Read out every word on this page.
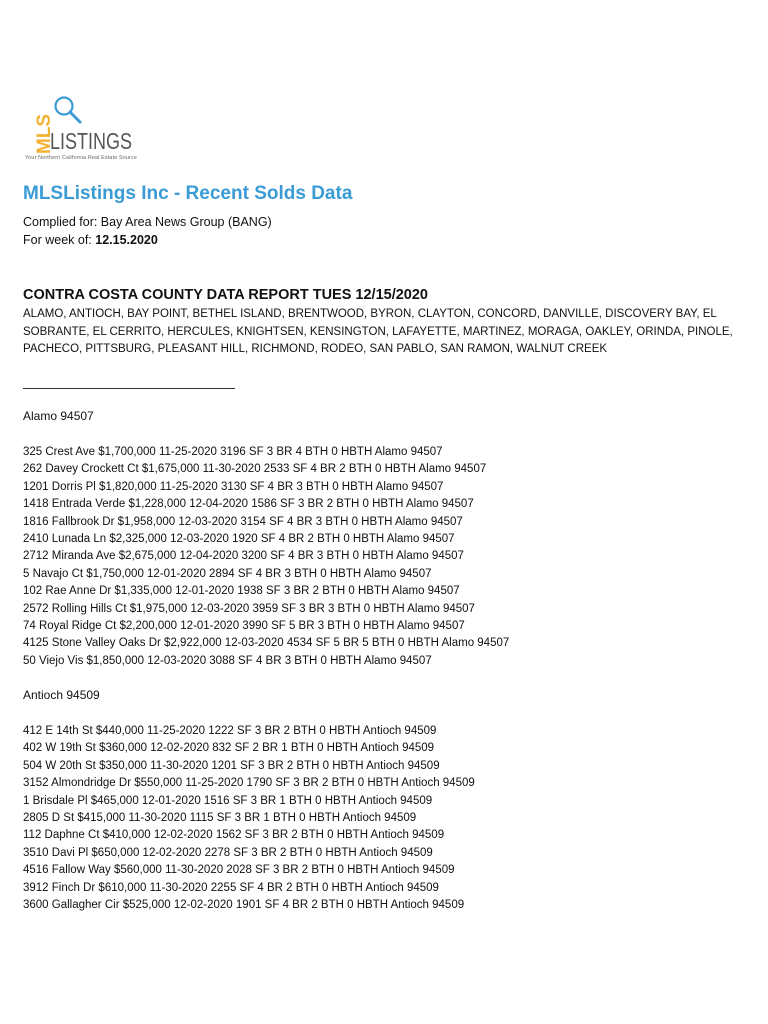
MLS
LISTINGS
Your Northern California Real Estate Source
MLSListings Inc - Recent Solds Data
Complied for: Bay Area News Group (BANG)
For week of: 12.15.2020
CONTRA COSTA COUNTY DATA REPORT TUES 12/15/2020
ALAMO, ANTIOCH, BAY POINT, BETHEL ISLAND, BRENTWOOD, BYRON, CLAYTON, CONCORD, DANVILLE, DISCOVERY BAY, EL SOBRANTE, EL CERRITO, HERCULES, KNIGHTSEN, KENSINGTON, LAFAYETTE, MARTINEZ, MORAGA, OAKLEY, ORINDA, PINOLE, PACHECO, PITTSBURG, PLEASANT HILL, RICHMOND, RODEO, SAN PABLO, SAN RAMON, WALNUT CREEK
Alamo 94507
325 Crest Ave $1,700,000 11-25-2020 3196 SF 3 BR 4 BTH 0 HBTH Alamo 94507
262 Davey Crockett Ct $1,675,000 11-30-2020 2533 SF 4 BR 2 BTH 0 HBTH Alamo 94507
1201 Dorris Pl $1,820,000 11-25-2020 3130 SF 4 BR 3 BTH 0 HBTH Alamo 94507
1418 Entrada Verde $1,228,000 12-04-2020 1586 SF 3 BR 2 BTH 0 HBTH Alamo 94507
1816 Fallbrook Dr $1,958,000 12-03-2020 3154 SF 4 BR 3 BTH 0 HBTH Alamo 94507
2410 Lunada Ln $2,325,000 12-03-2020 1920 SF 4 BR 2 BTH 0 HBTH Alamo 94507
2712 Miranda Ave $2,675,000 12-04-2020 3200 SF 4 BR 3 BTH 0 HBTH Alamo 94507
5 Navajo Ct $1,750,000 12-01-2020 2894 SF 4 BR 3 BTH 0 HBTH Alamo 94507
102 Rae Anne Dr $1,335,000 12-01-2020 1938 SF 3 BR 2 BTH 0 HBTH Alamo 94507
2572 Rolling Hills Ct $1,975,000 12-03-2020 3959 SF 3 BR 3 BTH 0 HBTH Alamo 94507
74 Royal Ridge Ct $2,200,000 12-01-2020 3990 SF 5 BR 3 BTH 0 HBTH Alamo 94507
4125 Stone Valley Oaks Dr $2,922,000 12-03-2020 4534 SF 5 BR 5 BTH 0 HBTH Alamo 94507
50 Viejo Vis $1,850,000 12-03-2020 3088 SF 4 BR 3 BTH 0 HBTH Alamo 94507
Antioch 94509
412 E 14th St $440,000 11-25-2020 1222 SF 3 BR 2 BTH 0 HBTH Antioch 94509
402 W 19th St $360,000 12-02-2020 832 SF 2 BR 1 BTH 0 HBTH Antioch 94509
504 W 20th St $350,000 11-30-2020 1201 SF 3 BR 2 BTH 0 HBTH Antioch 94509
3152 Almondridge Dr $550,000 11-25-2020 1790 SF 3 BR 2 BTH 0 HBTH Antioch 94509
1 Brisdale Pl $465,000 12-01-2020 1516 SF 3 BR 1 BTH 0 HBTH Antioch 94509
2805 D St $415,000 11-30-2020 1115 SF 3 BR 1 BTH 0 HBTH Antioch 94509
112 Daphne Ct $410,000 12-02-2020 1562 SF 3 BR 2 BTH 0 HBTH Antioch 94509
3510 Davi Pl $650,000 12-02-2020 2278 SF 3 BR 2 BTH 0 HBTH Antioch 94509
4516 Fallow Way $560,000 11-30-2020 2028 SF 3 BR 2 BTH 0 HBTH Antioch 94509
3912 Finch Dr $610,000 11-30-2020 2255 SF 4 BR 2 BTH 0 HBTH Antioch 94509
3600 Gallagher Cir $525,000 12-02-2020 1901 SF 4 BR 2 BTH 0 HBTH Antioch 94509
